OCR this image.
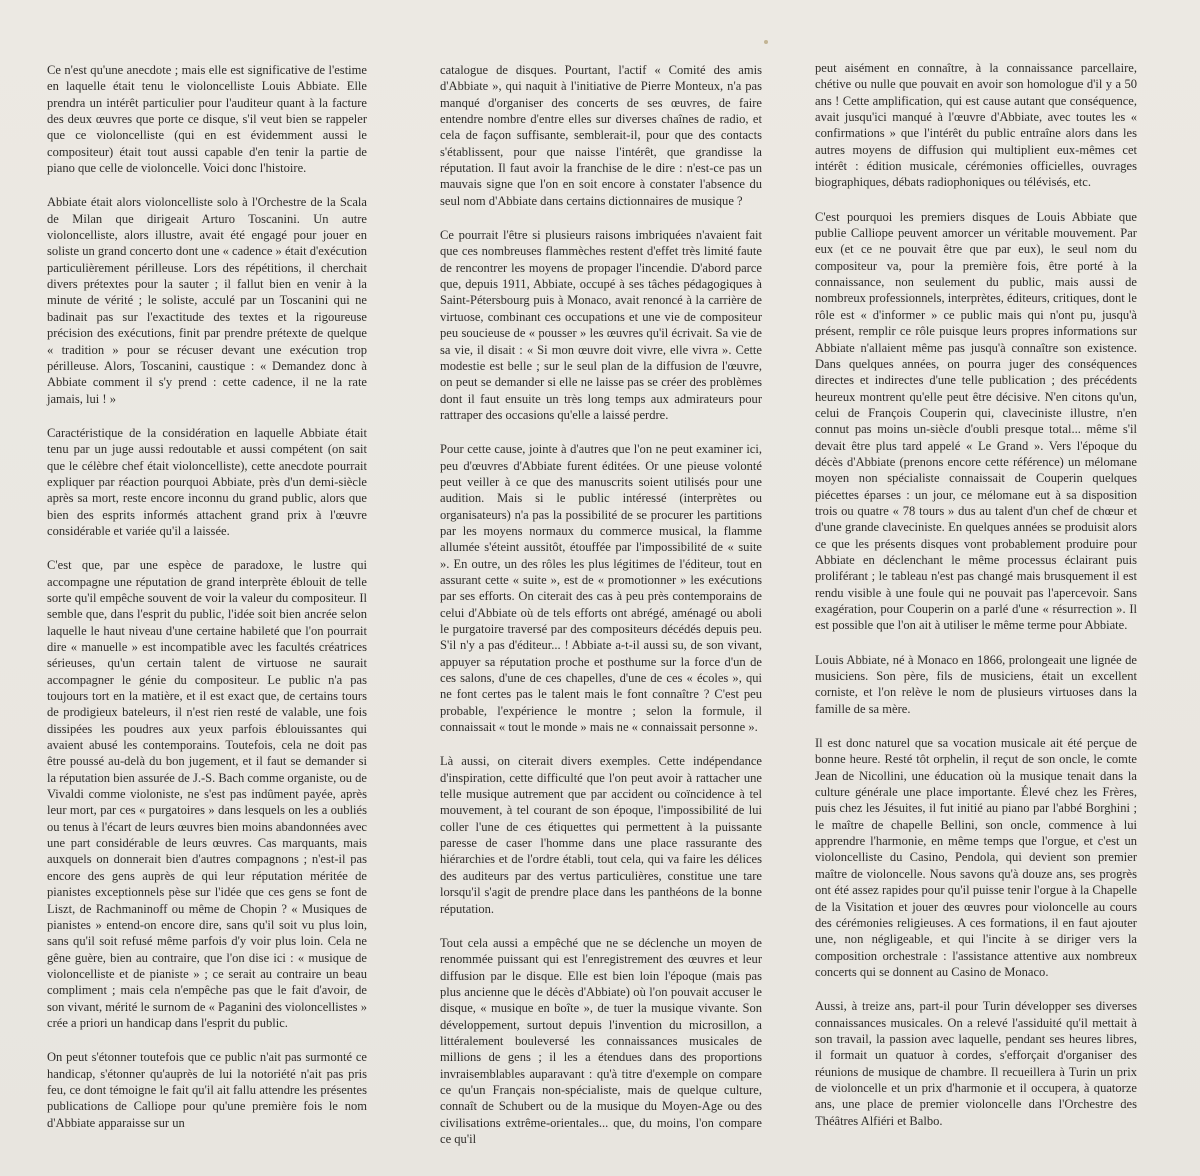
Ce n'est qu'une anecdote ; mais elle est significative de l'estime en laquelle était tenu le violoncelliste Louis Abbiate. Elle prendra un intérêt particulier pour l'auditeur quant à la facture des deux œuvres que porte ce disque, s'il veut bien se rappeler que ce violoncelliste (qui en est évidemment aussi le compositeur) était tout aussi capable d'en tenir la partie de piano que celle de violoncelle. Voici donc l'histoire.

Abbiate était alors violoncelliste solo à l'Orchestre de la Scala de Milan que dirigeait Arturo Toscanini. Un autre violoncelliste, alors illustre, avait été engagé pour jouer en soliste un grand concerto dont une « cadence » était d'exécution particulièrement périlleuse. Lors des répétitions, il cherchait divers prétextes pour la sauter ; il fallut bien en venir à la minute de vérité ; le soliste, acculé par un Toscanini qui ne badinait pas sur l'exactitude des textes et la rigoureuse précision des exécutions, finit par prendre prétexte de quelque « tradition » pour se récuser devant une exécution trop périlleuse. Alors, Toscanini, caustique : « Demandez donc à Abbiate comment il s'y prend : cette cadence, il ne la rate jamais, lui ! »

Caractéristique de la considération en laquelle Abbiate était tenu par un juge aussi redoutable et aussi compétent (on sait que le célèbre chef était violoncelliste), cette anecdote pourrait expliquer par réaction pourquoi Abbiate, près d'un demi-siècle après sa mort, reste encore inconnu du grand public, alors que bien des esprits informés attachent grand prix à l'œuvre considérable et variée qu'il a laissée.

C'est que, par une espèce de paradoxe, le lustre qui accompagne une réputation de grand interprète éblouit de telle sorte qu'il empêche souvent de voir la valeur du compositeur. Il semble que, dans l'esprit du public, l'idée soit bien ancrée selon laquelle le haut niveau d'une certaine habileté que l'on pourrait dire « manuelle » est incompatible avec les facultés créatrices sérieuses, qu'un certain talent de virtuose ne saurait accompagner le génie du compositeur. Le public n'a pas toujours tort en la matière, et il est exact que, de certains tours de prodigieux bateleurs, il n'est rien resté de valable, une fois dissipées les poudres aux yeux parfois éblouissantes qui avaient abusé les contemporains. Toutefois, cela ne doit pas être poussé au-delà du bon jugement, et il faut se demander si la réputation bien assurée de J.-S. Bach comme organiste, ou de Vivaldi comme violoniste, ne s'est pas indûment payée, après leur mort, par ces « purgatoires » dans lesquels on les a oubliés ou tenus à l'écart de leurs œuvres bien moins abandonnées avec une part considérable de leurs œuvres. Cas marquants, mais auxquels on donnerait bien d'autres compagnons ; n'est-il pas encore des gens auprès de qui leur réputation méritée de pianistes exceptionnels pèse sur l'idée que ces gens se font de Liszt, de Rachmaninoff ou même de Chopin ? « Musiques de pianistes » entend-on encore dire, sans qu'il soit vu plus loin, sans qu'il soit refusé même parfois d'y voir plus loin. Cela ne gêne guère, bien au contraire, que l'on dise ici : « musique de violoncelliste et de pianiste » ; ce serait au contraire un beau compliment ; mais cela n'empêche pas que le fait d'avoir, de son vivant, mérité le surnom de « Paganini des violoncellistes » crée a priori un handicap dans l'esprit du public.

On peut s'étonner toutefois que ce public n'ait pas surmonté ce handicap, s'étonner qu'auprès de lui la notoriété n'ait pas pris feu, ce dont témoigne le fait qu'il ait fallu attendre les présentes publications de Calliope pour qu'une première fois le nom d'Abbiate apparaisse sur un

catalogue de disques. Pourtant, l'actif « Comité des amis d'Abbiate », qui naquit à l'initiative de Pierre Monteux, n'a pas manqué d'organiser des concerts de ses œuvres, de faire entendre nombre d'entre elles sur diverses chaînes de radio, et cela de façon suffisante, semblerait-il, pour que des contacts s'établissent, pour que naisse l'intérêt, que grandisse la réputation. Il faut avoir la franchise de le dire : n'est-ce pas un mauvais signe que l'on en soit encore à constater l'absence du seul nom d'Abbiate dans certains dictionnaires de musique ?

Ce pourrait l'être si plusieurs raisons imbriquées n'avaient fait que ces nombreuses flammèches restent d'effet très limité faute de rencontrer les moyens de propager l'incendie. D'abord parce que, depuis 1911, Abbiate, occupé à ses tâches pédagogiques à Saint-Pétersbourg puis à Monaco, avait renoncé à la carrière de virtuose, combinant ces occupations et une vie de compositeur peu soucieuse de « pousser » les œuvres qu'il écrivait. Sa vie de sa vie, il disait : « Si mon œuvre doit vivre, elle vivra ». Cette modestie est belle ; sur le seul plan de la diffusion de l'œuvre, on peut se demander si elle ne laisse pas se créer des problèmes dont il faut ensuite un très long temps aux admirateurs pour rattraper des occasions qu'elle a laissé perdre.

Pour cette cause, jointe à d'autres que l'on ne peut examiner ici, peu d'œuvres d'Abbiate furent éditées. Or une pieuse volonté peut veiller à ce que des manuscrits soient utilisés pour une audition. Mais si le public intéressé (interprètes ou organisateurs) n'a pas la possibilité de se procurer les partitions par les moyens normaux du commerce musical, la flamme allumée s'éteint aussitôt, étouffée par l'impossibilité de « suite ». En outre, un des rôles les plus légitimes de l'éditeur, tout en assurant cette « suite », est de « promotionner » les exécutions par ses efforts. On citerait des cas à peu près contemporains de celui d'Abbiate où de tels efforts ont abrégé, aménagé ou aboli le purgatoire traversé par des compositeurs décédés depuis peu. S'il n'y a pas d'éditeur... ! Abbiate a-t-il aussi su, de son vivant, appuyer sa réputation proche et posthume sur la force d'un de ces salons, d'une de ces chapelles, d'une de ces « écoles », qui ne font certes pas le talent mais le font connaître ? C'est peu probable, l'expérience le montre ; selon la formule, il connaissait « tout le monde » mais ne « connaissait personne ».

Là aussi, on citerait divers exemples. Cette indépendance d'inspiration, cette difficulté que l'on peut avoir à rattacher une telle musique autrement que par accident ou coïncidence à tel mouvement, à tel courant de son époque, l'impossibilité de lui coller l'une de ces étiquettes qui permettent à la puissante paresse de caser l'homme dans une place rassurante des hiérarchies et de l'ordre établi, tout cela, qui va faire les délices des auditeurs par des vertus particulières, constitue une tare lorsqu'il s'agit de prendre place dans les panthéons de la bonne réputation.

Tout cela aussi a empêché que ne se déclenche un moyen de renommée puissant qui est l'enregistrement des œuvres et leur diffusion par le disque. Elle est bien loin l'époque (mais pas plus ancienne que le décès d'Abbiate) où l'on pouvait accuser le disque, « musique en boîte », de tuer la musique vivante. Son développement, surtout depuis l'invention du microsillon, a littéralement bouleversé les connaissances musicales de millions de gens ; il les a étendues dans des proportions invraisemblables auparavant : qu'à titre d'exemple on compare ce qu'un Français non-spécialiste, mais de quelque culture, connaît de Schubert ou de la musique du Moyen-Age ou des civilisations extrême-orientales... que, du moins, l'on compare ce qu'il

peut aisément en connaître, à la connaissance parcellaire, chétive ou nulle que pouvait en avoir son homologue d'il y a 50 ans ! Cette amplification, qui est cause autant que conséquence, avait jusqu'ici manqué à l'œuvre d'Abbiate, avec toutes les « confirmations » que l'intérêt du public entraîne alors dans les autres moyens de diffusion qui multiplient eux-mêmes cet intérêt : édition musicale, cérémonies officielles, ouvrages biographiques, débats radiophoniques ou télévisés, etc.

C'est pourquoi les premiers disques de Louis Abbiate que publie Calliope peuvent amorcer un véritable mouvement. Par eux (et ce ne pouvait être que par eux), le seul nom du compositeur va, pour la première fois, être porté à la connaissance, non seulement du public, mais aussi de nombreux professionnels, interprètes, éditeurs, critiques, dont le rôle est « d'informer » ce public mais qui n'ont pu, jusqu'à présent, remplir ce rôle puisque leurs propres informations sur Abbiate n'allaient même pas jusqu'à connaître son existence. Dans quelques années, on pourra juger des conséquences directes et indirectes d'une telle publication ; des précédents heureux montrent qu'elle peut être décisive. N'en citons qu'un, celui de François Couperin qui, claveciniste illustre, n'en connut pas moins un-siècle d'oubli presque total... même s'il devait être plus tard appelé « Le Grand ». Vers l'époque du décès d'Abbiate (prenons encore cette référence) un mélomane moyen non spécialiste connaissait de Couperin quelques piécettes éparses : un jour, ce mélomane eut à sa disposition trois ou quatre « 78 tours » dus au talent d'un chef de chœur et d'une grande claveciniste. En quelques années se produisit alors ce que les présents disques vont probablement produire pour Abbiate en déclenchant le même processus éclairant puis proliférant ; le tableau n'est pas changé mais brusquement il est rendu visible à une foule qui ne pouvait pas l'apercevoir. Sans exagération, pour Couperin on a parlé d'une « résurrection ». Il est possible que l'on ait à utiliser le même terme pour Abbiate.

Louis Abbiate, né à Monaco en 1866, prolongeait une lignée de musiciens. Son père, fils de musiciens, était un excellent corniste, et l'on relève le nom de plusieurs virtuoses dans la famille de sa mère.

Il est donc naturel que sa vocation musicale ait été perçue de bonne heure. Resté tôt orphelin, il reçut de son oncle, le comte Jean de Nicollini, une éducation où la musique tenait dans la culture générale une place importante. Élevé chez les Frères, puis chez les Jésuites, il fut initié au piano par l'abbé Borghini ; le maître de chapelle Bellini, son oncle, commence à lui apprendre l'harmonie, en même temps que l'orgue, et c'est un violoncelliste du Casino, Pendola, qui devient son premier maître de violoncelle. Nous savons qu'à douze ans, ses progrès ont été assez rapides pour qu'il puisse tenir l'orgue à la Chapelle de la Visitation et jouer des œuvres pour violoncelle au cours des cérémonies religieuses. A ces formations, il en faut ajouter une, non négligeable, et qui l'incite à se diriger vers la composition orchestrale : l'assistance attentive aux nombreux concerts qui se donnent au Casino de Monaco.

Aussi, à treize ans, part-il pour Turin développer ses diverses connaissances musicales. On a relevé l'assiduité qu'il mettait à son travail, la passion avec laquelle, pendant ses heures libres, il formait un quatuor à cordes, s'efforçait d'organiser des réunions de musique de chambre. Il recueillera à Turin un prix de violoncelle et un prix d'harmonie et il occupera, à quatorze ans, une place de premier violoncelle dans l'Orchestre des Théâtres Alfiéri et Balbo.
